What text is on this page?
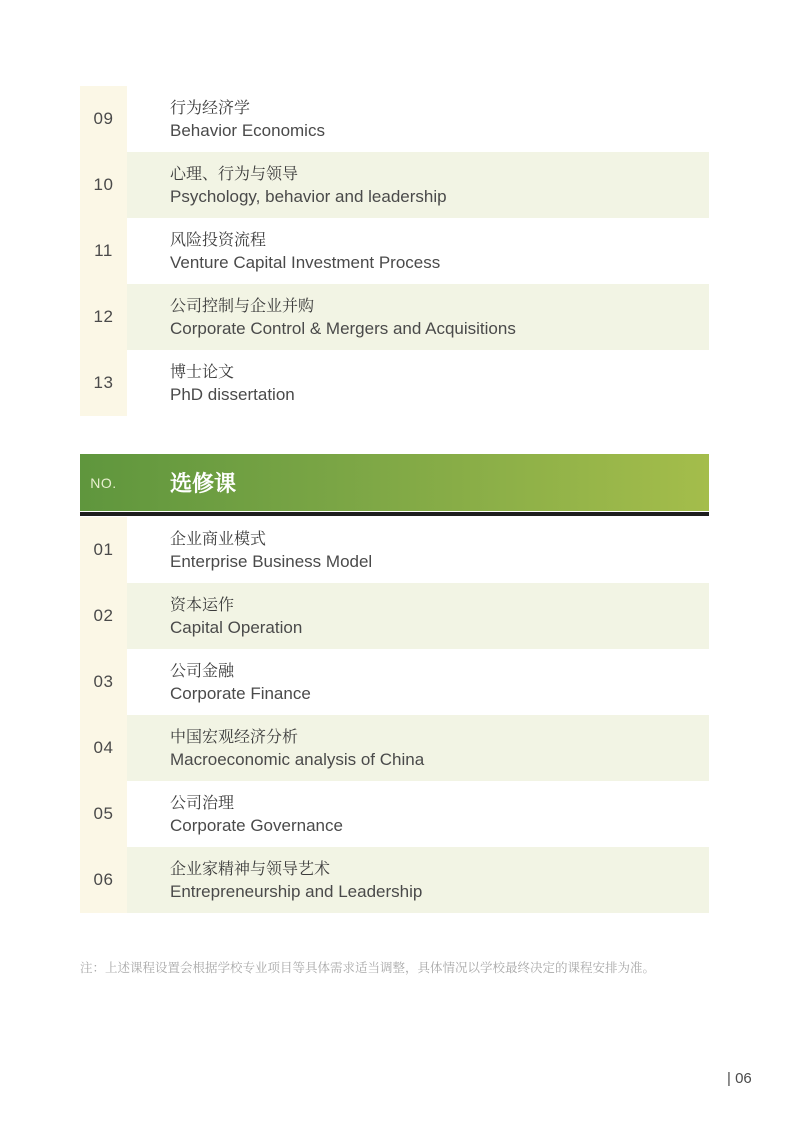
09
行为经济学
Behavior Economics
10
心理、行为与领导
Psychology, behavior and leadership
11
风险投资流程
Venture Capital Investment Process
12
公司控制与企业并购
Corporate Control & Mergers and Acquisitions
13
博士论文
PhD dissertation
NO.	选修课
01
企业商业模式
Enterprise Business Model
02
资本运作
Capital Operation
03
公司金融
Corporate Finance
04
中国宏观经济分析
Macroeconomic analysis of China
05
公司治理
Corporate Governance
06
企业家精神与领导艺术
Entrepreneurship and Leadership
注：上述课程设置会根据学校专业项目等具体需求适当调整，具体情况以学校最终决定的课程安排为准。
| 06
